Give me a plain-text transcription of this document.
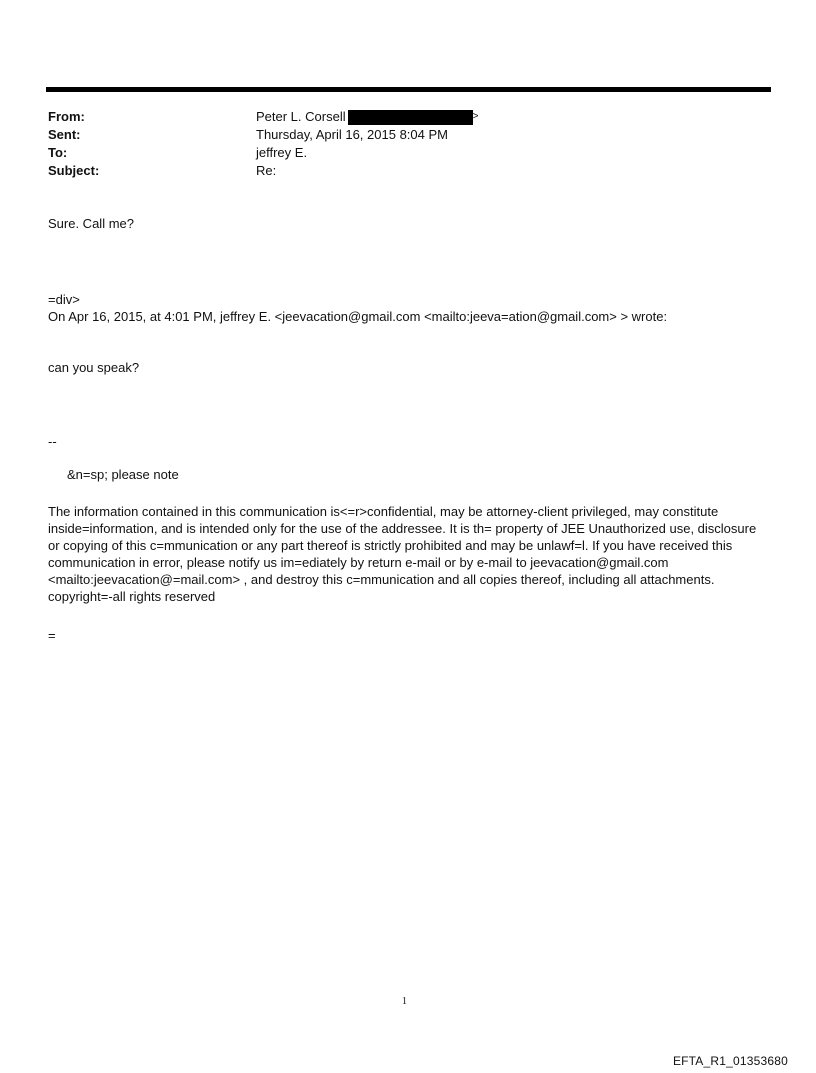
From:	Peter L. Corsell	>
Sent:	Thursday, April 16, 2015 8:04 PM
To:	jeffrey E.
Subject:	Re:
Sure. Call me?
=div>
On Apr 16, 2015, at 4:01 PM, jeffrey E. <jeevacation@gmail.com <mailto:jeeva=ation@gmail.com> > wrote:
can you speak?
--
&n=sp; please note
The information contained in this communication is<=r>confidential, may be attorney-client privileged, may constitute inside=information, and is intended only for the use of the addressee. It is th= property of JEE Unauthorized use, disclosure or copying of this c=mmunication or any part thereof is strictly prohibited and may be unlawf=l. If you have received this communication in error, please notify us im=ediately by return e-mail or by e-mail to jeevacation@gmail.com <mailto:jeevacation@=mail.com> , and destroy this c=mmunication and all copies thereof, including all attachments. copyright=-all rights reserved
=
1
EFTA_R1_01353680
